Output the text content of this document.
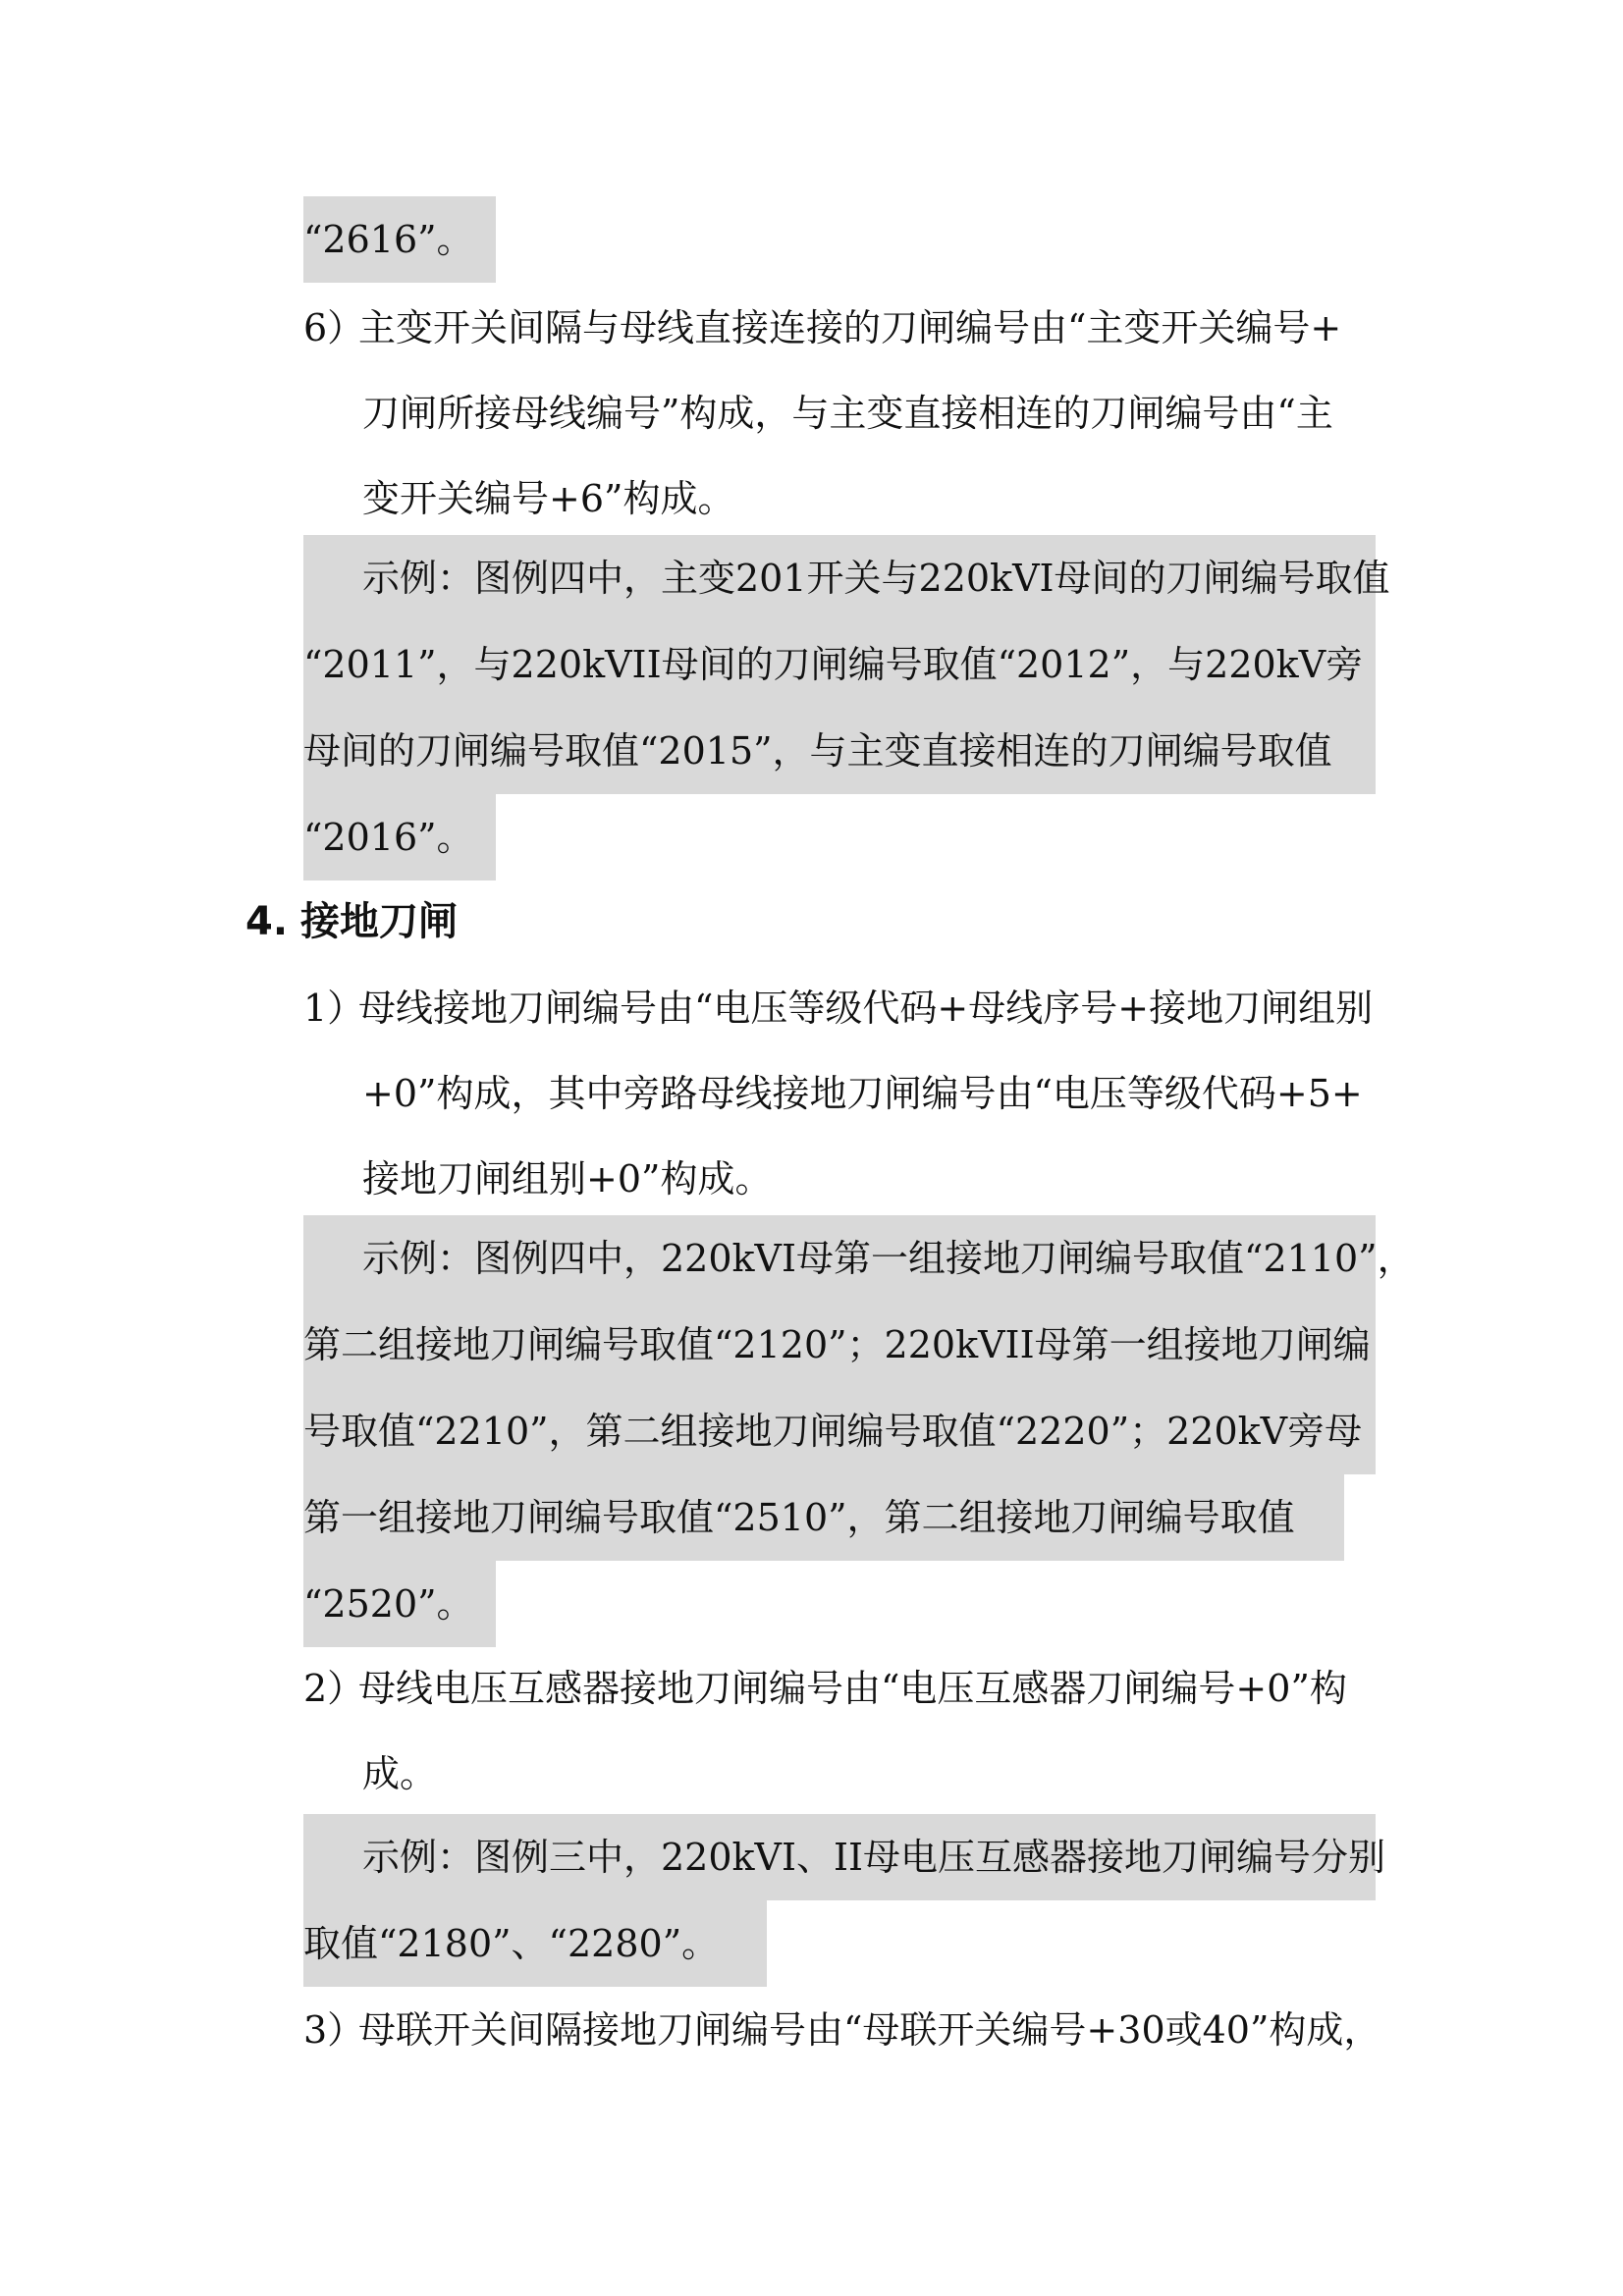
“2616”。
6）主变开关间隔与母线直接连接的刀闸编号由“主变开关编号+
刀闸所接母线编号”构成，与主变直接相连的刀闸编号由“主
变开关编号+6”构成。
示例：图例四中，主变201开关与220kVI母间的刀闸编号取值
“2011”，与220kVII母间的刀闸编号取值“2012”，与220kV旁
母间的刀闸编号取值“2015”，与主变直接相连的刀闸编号取值
“2016”。
4. 接地刀闸
1）母线接地刀闸编号由“电压等级代码+母线序号+接地刀闸组别
+0”构成，其中旁路母线接地刀闸编号由“电压等级代码+5+
接地刀闸组别+0”构成。
示例：图例四中，220kVI母第一组接地刀闸编号取值“2110”，
第二组接地刀闸编号取值“2120”；220kVII母第一组接地刀闸编
号取值“2210”，第二组接地刀闸编号取值“2220”；220kV旁母
第一组接地刀闸编号取值“2510”，第二组接地刀闸编号取值
“2520”。
2）母线电压互感器接地刀闸编号由“电压互感器刀闸编号+0”构
成。
示例：图例三中，220kVI、II母电压互感器接地刀闸编号分别
取值“2180”、“2280”。
3）母联开关间隔接地刀闸编号由“母联开关编号+30或40”构成，
